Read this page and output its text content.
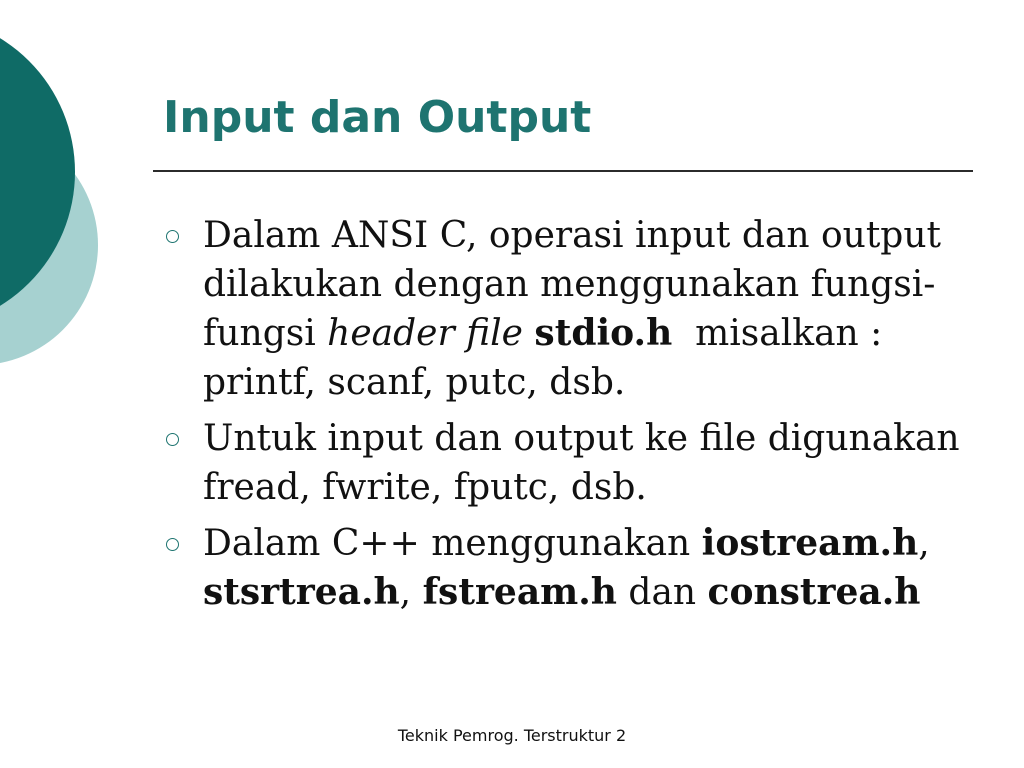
Input dan Output
Dalam ANSI C, operasi input dan output dilakukan dengan menggunakan fungsi-fungsi header file stdio.h  misalkan : printf, scanf, putc, dsb.
Untuk input dan output ke file digunakan fread, fwrite, fputc, dsb.
Dalam C++ menggunakan iostream.h, stsrtrea.h, fstream.h dan constrea.h
Teknik Pemrog. Terstruktur 2
